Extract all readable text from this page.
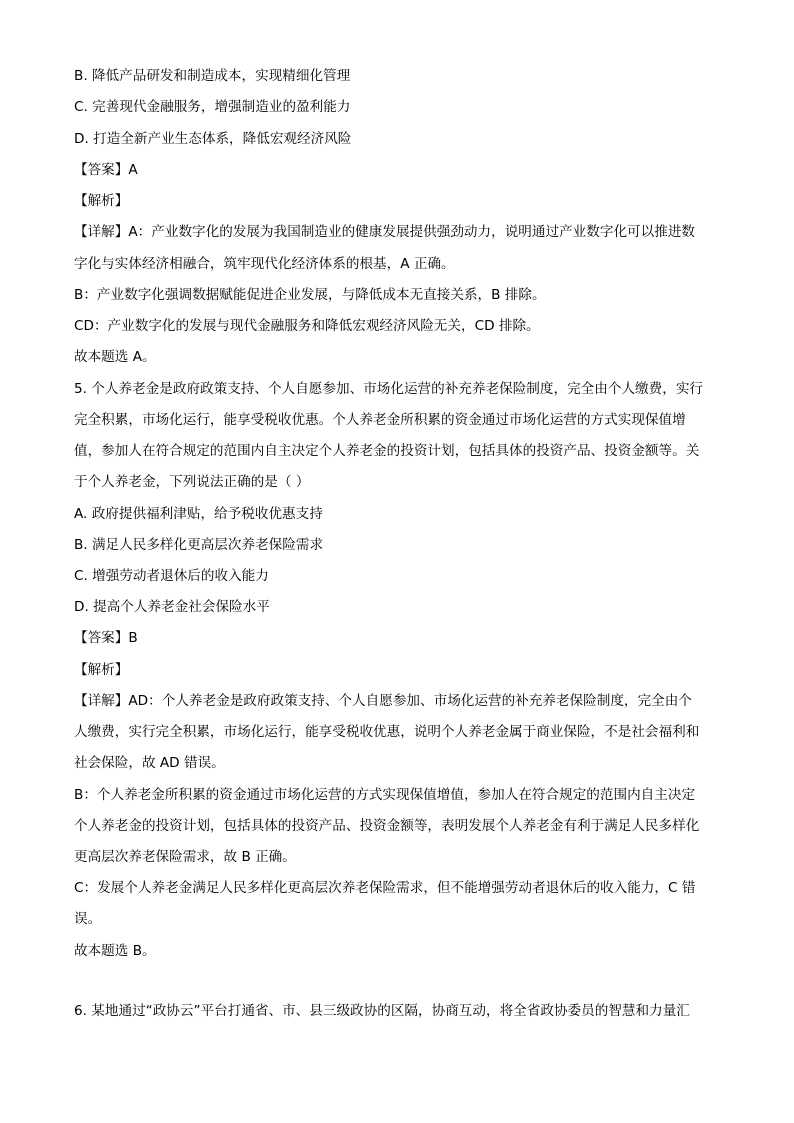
B. 降低产品研发和制造成本，实现精细化管理
C. 完善现代金融服务，增强制造业的盈利能力
D. 打造全新产业生态体系，降低宏观经济风险
【答案】A
【解析】
【详解】A：产业数字化的发展为我国制造业的健康发展提供强劲动力，说明通过产业数字化可以推进数
字化与实体经济相融合，筑牢现代化经济体系的根基，A 正确。
B：产业数字化强调数据赋能促进企业发展，与降低成本无直接关系，B 排除。
CD：产业数字化的发展与现代金融服务和降低宏观经济风险无关，CD 排除。
故本题选 A。
5. 个人养老金是政府政策支持、个人自愿参加、市场化运营的补充养老保险制度，完全由个人缴费，实行
完全积累，市场化运行，能享受税收优惠。个人养老金所积累的资金通过市场化运营的方式实现保值增
值，参加人在符合规定的范围内自主决定个人养老金的投资计划，包括具体的投资产品、投资金额等。关
于个人养老金，下列说法正确的是（ ）
A. 政府提供福利津贴，给予税收优惠支持
B. 满足人民多样化更高层次养老保险需求
C. 增强劳动者退休后的收入能力
D. 提高个人养老金社会保险水平
【答案】B
【解析】
【详解】AD：个人养老金是政府政策支持、个人自愿参加、市场化运营的补充养老保险制度，完全由个
人缴费，实行完全积累，市场化运行，能享受税收优惠，说明个人养老金属于商业保险，不是社会福利和
社会保险，故 AD 错误。
B：个人养老金所积累的资金通过市场化运营的方式实现保值增值，参加人在符合规定的范围内自主决定
个人养老金的投资计划，包括具体的投资产品、投资金额等，表明发展个人养老金有利于满足人民多样化
更高层次养老保险需求，故 B 正确。
C：发展个人养老金满足人民多样化更高层次养老保险需求，但不能增强劳动者退休后的收入能力，C 错
误。
故本题选 B。
6. 某地通过“政协云”平台打通省、市、县三级政协的区隔，协商互动，将全省政协委员的智慧和力量汇
